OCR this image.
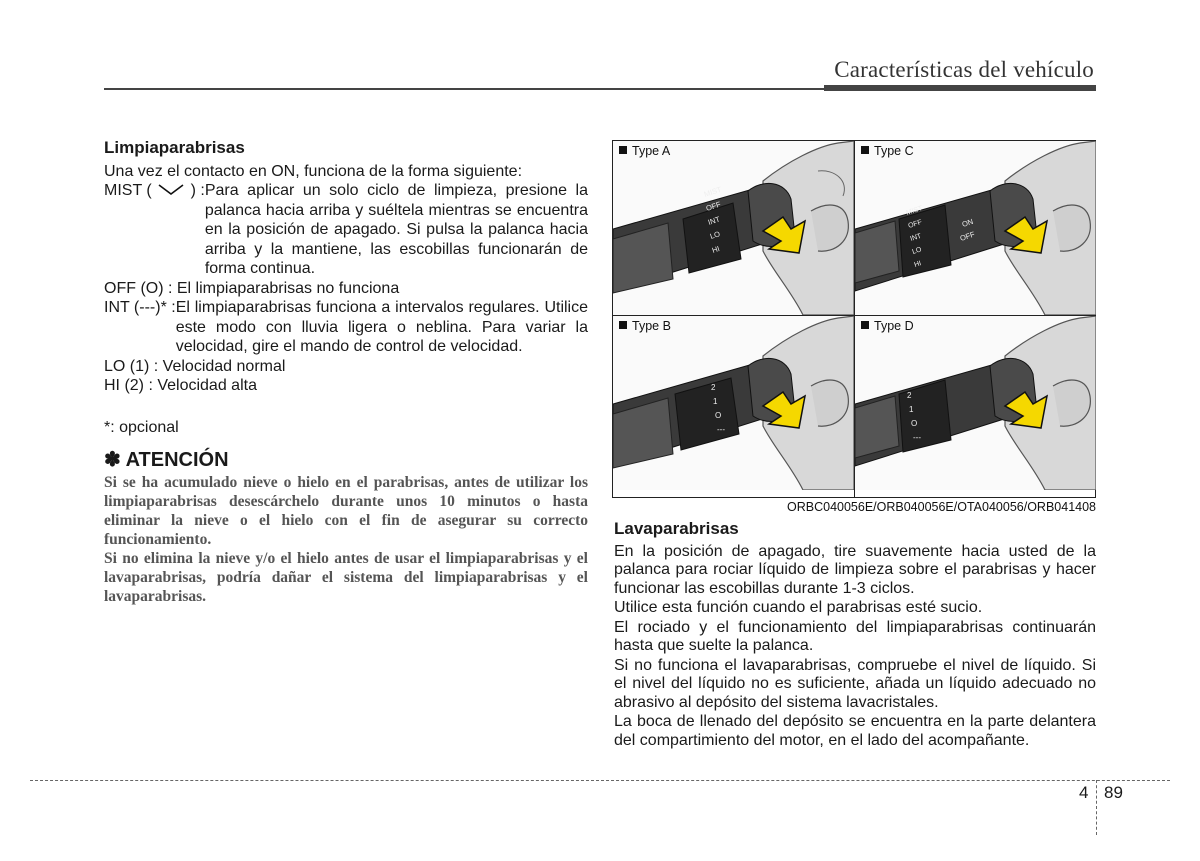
Características del vehículo
Limpiaparabrisas

Una vez el contacto en ON, funciona de la forma siguiente:

MIST ( ) : Para aplicar un solo ciclo de limpieza, presione la palanca hacia arriba y suéltela mientras se encuentra en la posición de apagado. Si pulsa la palanca hacia arriba y la mantiene, las escobillas funcionarán de forma continua.

OFF (O) : El limpiaparabrisas no funciona

INT (---)* : El limpiaparabrisas funciona a intervalos regulares. Utilice este modo con lluvia ligera o neblina. Para variar la velocidad, gire el mando de control de velocidad.

LO (1) : Velocidad normal

HI (2) : Velocidad alta

*: opcional

✽ ATENCIÓN

Si se ha acumulado nieve o hielo en el parabrisas, antes de utilizar los limpiaparabrisas desescárchelo durante unos 10 minutos o hasta eliminar la nieve o el hielo con el fin de asegurar su correcto funcionamiento.

Si no elimina la nieve y/o el hielo antes de usar el limpiaparabrisas y el lavaparabrisas, podría dañar el sistema del limpiaparabrisas y el lavaparabrisas.

Type A
MIST
OFF
INT
LO
HI
Type C
MIST
OFF
INT
LO
HI
ON
OFF
Type B
2
1
O
---
Type D
2
1
O
---
ORBC040056E/ORB040056E/OTA040056/ORB041408
Lavaparabrisas

En la posición de apagado, tire suavemente hacia usted de la palanca para rociar líquido de limpieza sobre el parabrisas y hacer funcionar las escobillas durante 1-3 ciclos.

Utilice esta función cuando el parabrisas esté sucio.

El rociado y el funcionamiento del limpiaparabrisas continuarán hasta que suelte la palanca.

Si no funciona el lavaparabrisas, compruebe el nivel de líquido. Si el nivel del líquido no es suficiente, añada un líquido adecuado no abrasivo al depósito del sistema lavacristales.

La boca de llenado del depósito se encuentra en la parte delantera del compartimiento del motor, en el lado del acompañante.

4 89
